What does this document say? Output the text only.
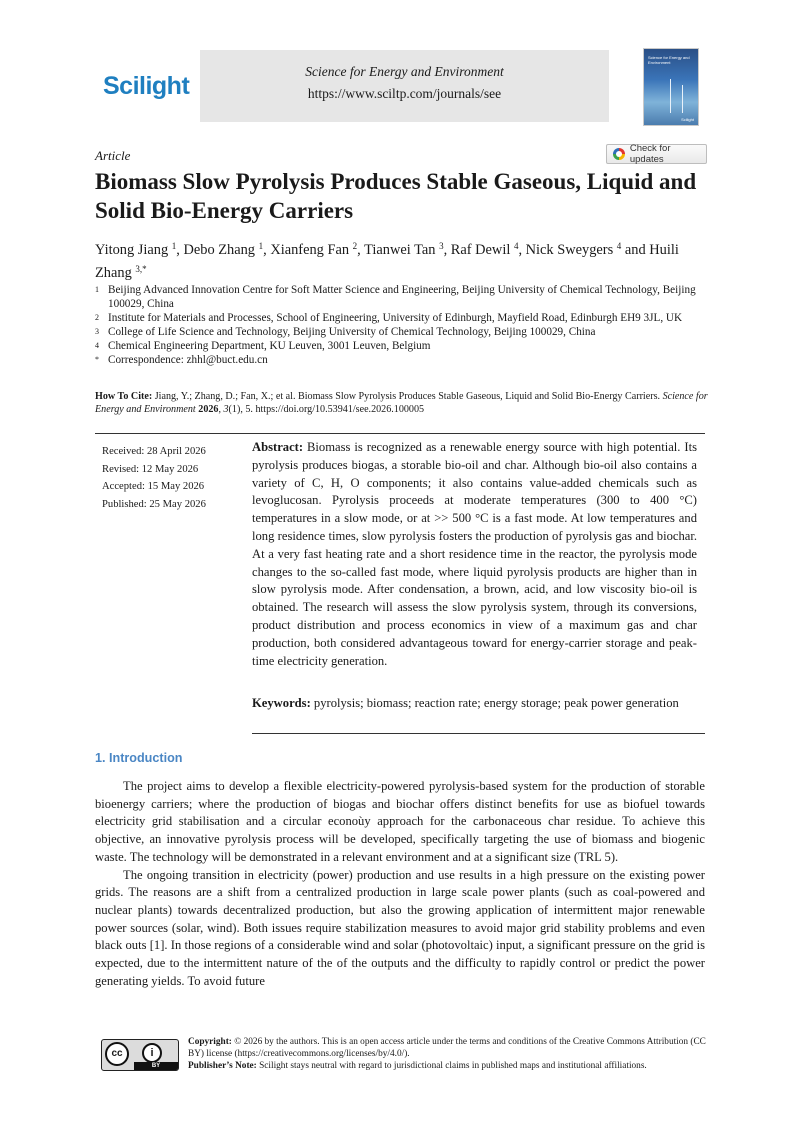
Scilight
Science for Energy and Environment
https://www.sciltp.com/journals/see
Science for Energy and Environment
Scilight
Check for updates
Article
Biomass Slow Pyrolysis Produces Stable Gaseous, Liquid and Solid Bio-Energy Carriers
Yitong Jiang $^1$, Debo Zhang $^1$, Xianfeng Fan $^2$, Tianwei Tan $^3$, Raf Dewil $^4$, Nick Sweygers $^4$ and Huili Zhang $^{3,*}$
1 Beijing Advanced Innovation Centre for Soft Matter Science and Engineering, Beijing University of Chemical Technology, Beijing 100029, China
2 Institute for Materials and Processes, School of Engineering, University of Edinburgh, Mayfield Road, Edinburgh EH9 3JL, UK
3 College of Life Science and Technology, Beijing University of Chemical Technology, Beijing 100029, China
4 Chemical Engineering Department, KU Leuven, 3001 Leuven, Belgium
* Correspondence: zhhl@buct.edu.cn
How To Cite: Jiang, Y.; Zhang, D.; Fan, X.; et al. Biomass Slow Pyrolysis Produces Stable Gaseous, Liquid and Solid Bio-Energy Carriers. Science for Energy and Environment 2026, 3(1), 5. https://doi.org/10.53941/see.2026.100005
Received: 28 April 2026
Revised: 12 May 2026
Accepted: 15 May 2026
Published: 25 May 2026
Abstract: Biomass is recognized as a renewable energy source with high potential. Its pyrolysis produces biogas, a storable bio-oil and char. Although bio-oil also contains a variety of C, H, O components; it also contains value-added chemicals such as levoglucosan. Pyrolysis proceeds at moderate temperatures (300 to 400 °C) temperatures in a slow mode, or at >> 500 °C is a fast mode. At low temperatures and long residence times, slow pyrolysis fosters the production of pyrolysis gas and biochar. At a very fast heating rate and a short residence time in the reactor, the pyrolysis mode changes to the so-called fast mode, where liquid pyrolysis products are higher than in slow pyrolysis mode. After condensation, a brown, acid, and low viscosity bio-oil is obtained. The research will assess the slow pyrolysis system, through its conversions, product distribution and process economics in view of a maximum gas and char production, both considered advantageous toward for energy-carrier storage and peak-time electricity generation.
Keywords: pyrolysis; biomass; reaction rate; energy storage; peak power generation
1. Introduction

The project aims to develop a flexible electricity-powered pyrolysis-based system for the production of storable bioenergy carriers; where the production of biogas and biochar offers distinct benefits for use as biofuel towards electricity grid stabilisation and a circular econoùy approach for the carbonaceous char residue. To achieve this objective, an innovative pyrolysis process will be developed, specifically targeting the use of biomass and biogenic waste. The technology will be demonstrated in a relevant environment and at a significant size (TRL 5).

The ongoing transition in electricity (power) production and use results in a high pressure on the existing power grids. The reasons are a shift from a centralized production in large scale power plants (such as coal-powered and nuclear plants) towards decentralized production, but also the growing application of intermittent major renewable power sources (solar, wind). Both issues require stabilization measures to avoid major grid stability problems and even black outs [1]. In those regions of a considerable wind and solar (photovoltaic) input, a significant pressure on the grid is expected, due to the intermittent nature of the of the outputs and the difficulty to rapidly control or predict the power generating yields. To avoid future

cc	i
BY
Copyright: © 2026 by the authors. This is an open access article under the terms and conditions of the Creative Commons Attribution (CC BY) license (https://creativecommons.org/licenses/by/4.0/).
Publisher’s Note: Scilight stays neutral with regard to jurisdictional claims in published maps and institutional affiliations.
